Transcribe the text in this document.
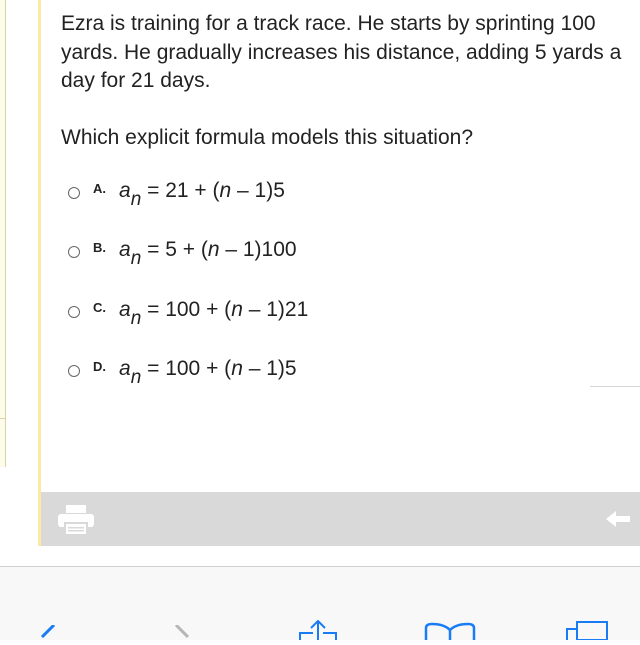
Ezra is training for a track race. He starts by sprinting 100 yards. He gradually increases his distance, adding 5 yards a day for 21 days.
Which explicit formula models this situation?
A. an = 21 + (n – 1)5
B. an = 5 + (n – 1)100
C. an = 100 + (n – 1)21
D. an = 100 + (n – 1)5
